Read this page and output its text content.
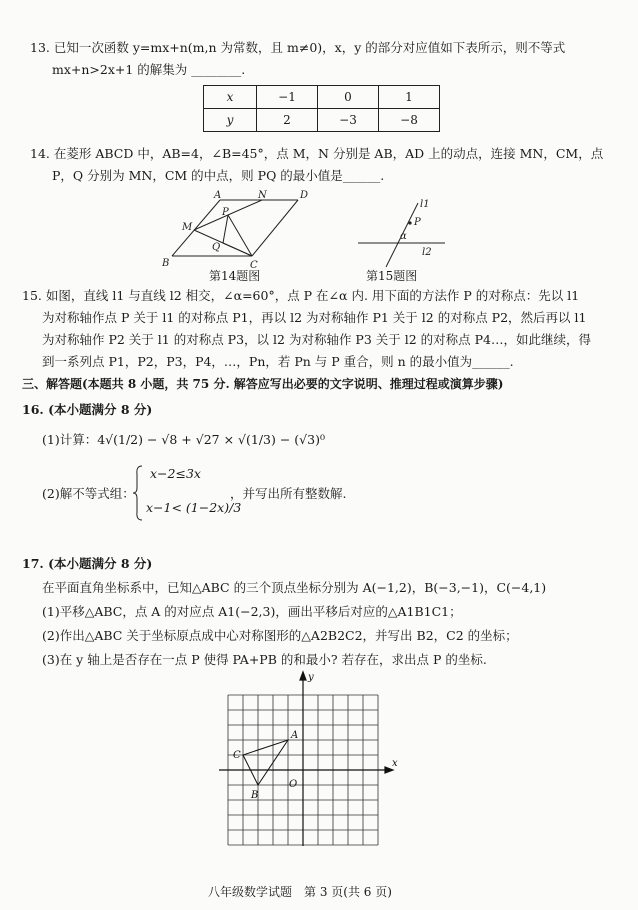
13. 已知一次函数 y=mx+n(m,n 为常数，且 m≠0)，x，y 的部分对应值如下表所示，则不等式
mx+n>2x+1 的解集为 ________.
x	−1	0	1
y	2	−3	−8
14. 在菱形 ABCD 中，AB=4，∠B=45°，点 M，N 分别是 AB，AD 上的动点，连接 MN，CM，点
P，Q 分别为 MN，CM 的中点，则 PQ 的最小值是______.
A	N	D
P
M
Q
B	C
第14题图
l1
P
α
l2
第15题图
15. 如图，直线 l1 与直线 l2 相交，∠α=60°，点 P 在∠α 内. 用下面的方法作 P 的对称点：先以 l1
为对称轴作点 P 关于 l1 的对称点 P1，再以 l2 为对称轴作 P1 关于 l2 的对称点 P2，然后再以 l1
为对称轴作 P2 关于 l1 的对称点 P3，以 l2 为对称轴作 P3 关于 l2 的对称点 P4…，如此继续，得
到一系列点 P1，P2，P3，P4，…，Pn，若 Pn 与 P 重合，则 n 的最小值为______.
三、解答题(本题共 8 小题，共 75 分. 解答应写出必要的文字说明、推理过程或演算步骤)
16. (本小题满分 8 分)
(1)计算：4√(1/2) − √8 + √27 × √(1/3) − (√3)⁰
(2)解不等式组：
x−2≤3x
x−1< (1−2x)/3
，并写出所有整数解.
17. (本小题满分 8 分)
在平面直角坐标系中，已知△ABC 的三个顶点坐标分别为 A(−1,2)，B(−3,−1)，C(−4,1)
(1)平移△ABC，点 A 的对应点 A1(−2,3)，画出平移后对应的△A1B1C1；
(2)作出△ABC 关于坐标原点成中心对称图形的△A2B2C2，并写出 B2，C2 的坐标；
(3)在 y 轴上是否存在一点 P 使得 PA+PB 的和最小? 若存在，求出点 P 的坐标.
x
y
O
A
B
C
八年级数学试题　第 3 页(共 6 页)
